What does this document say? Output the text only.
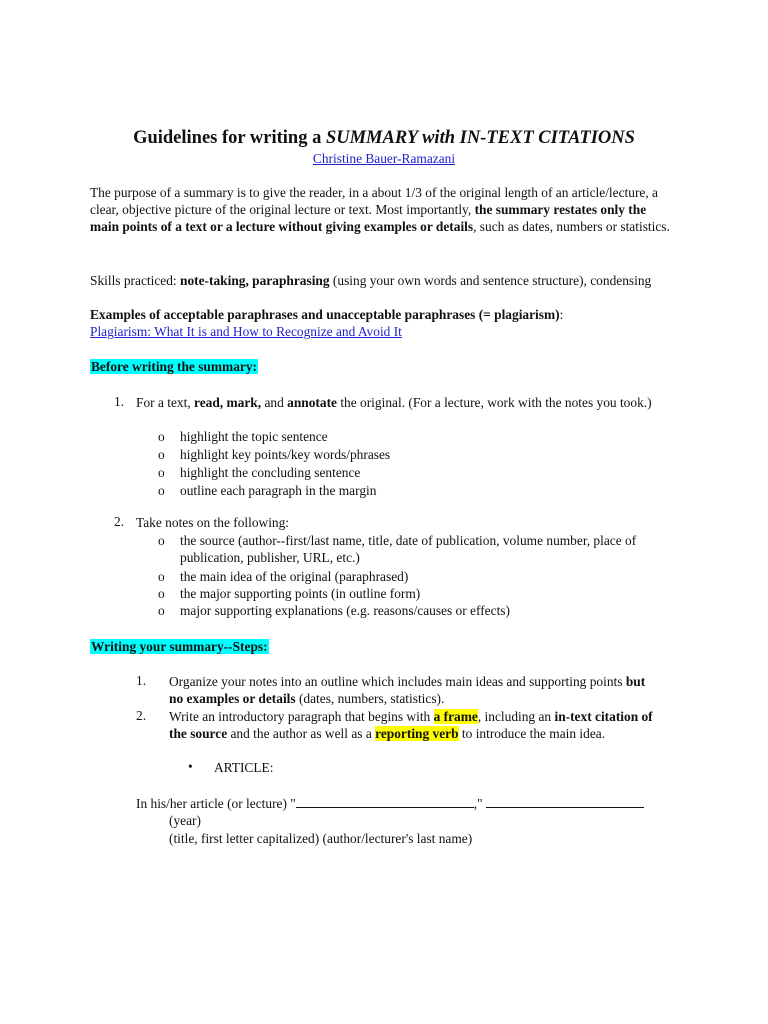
Guidelines for writing a SUMMARY with IN-TEXT CITATIONS
Christine Bauer-Ramazani
The purpose of a summary is to give the reader, in a about 1/3 of the original length of an article/lecture, a clear, objective picture of the original lecture or text. Most importantly, the summary restates only the main points of a text or a lecture without giving examples or details, such as dates, numbers or statistics.
Skills practiced: note-taking, paraphrasing (using your own words and sentence structure), condensing
Examples of acceptable paraphrases and unacceptable paraphrases (= plagiarism):
Plagiarism: What It is and How to Recognize and Avoid It
Before writing the summary:
1. For a text, read, mark, and annotate the original. (For a lecture, work with the notes you took.)
o highlight the topic sentence
o highlight key points/key words/phrases
o highlight the concluding sentence
o outline each paragraph in the margin
2. Take notes on the following:
o the source (author--first/last name, title, date of publication, volume number, place of publication, publisher, URL, etc.)
o the main idea of the original (paraphrased)
o the major supporting points (in outline form)
o major supporting explanations (e.g. reasons/causes or effects)
Writing your summary--Steps:
1. Organize your notes into an outline which includes main ideas and supporting points but no examples or details (dates, numbers, statistics).
2. Write an introductory paragraph that begins with a frame, including an in-text citation of the source and the author as well as a reporting verb to introduce the main idea.
• ARTICLE:
In his/her article (or lecture) "	,"
(year)
(title, first letter capitalized) (author/lecturer's last name)
